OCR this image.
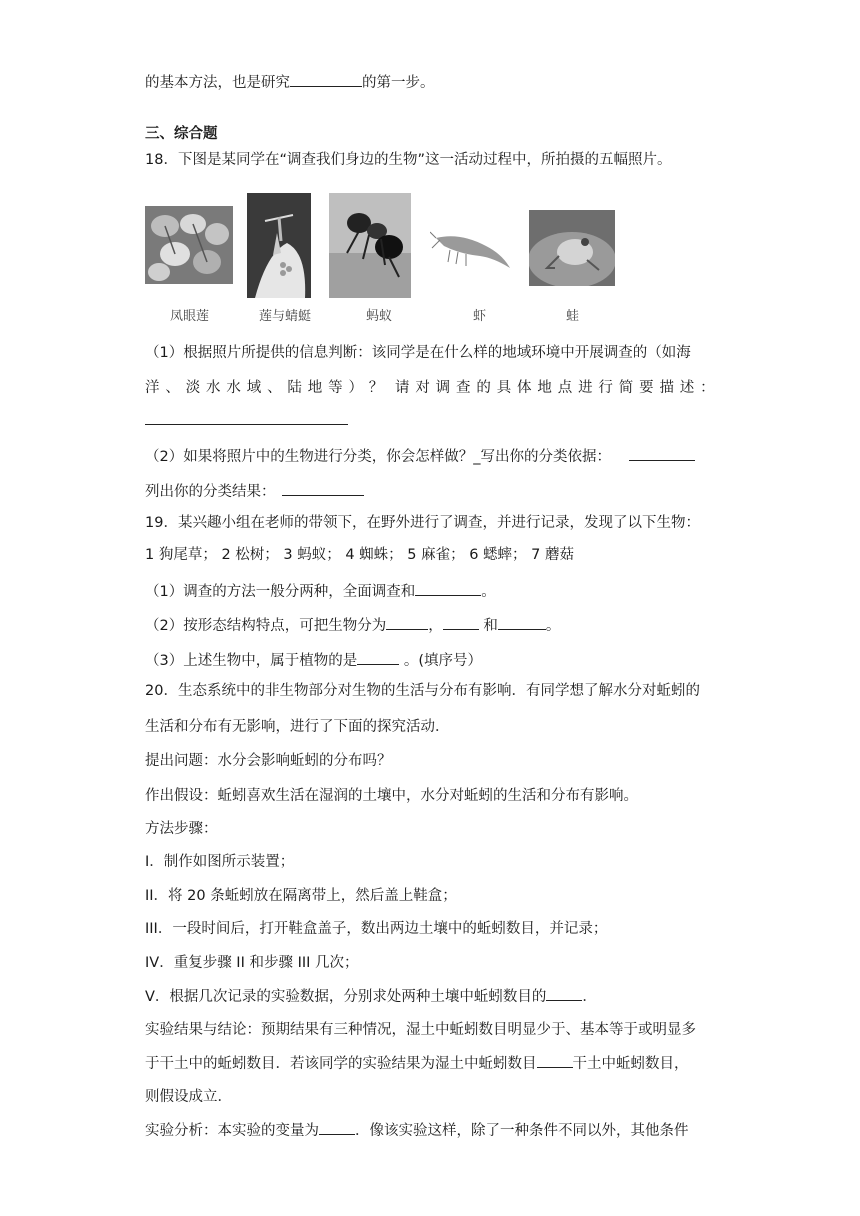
的基本方法，也是研究	的第一步。
三、综合题
18．下图是某同学在“调查我们身边的生物”这一活动过程中，所拍摄的五幅照片。
凤眼莲	莲与蜻蜓	蚂蚁	虾	蛙
（1）根据照片所提供的信息判断：该同学是在什么样的地域环境中开展调查的（如海
洋 、 淡 水 水 域 、 陆 地 等 ） ？ 请 对 调 查 的 具 体 地 点 进 行 简 要 描 述 ：
（2）如果将照片中的生物进行分类，你会怎样做？_写出你的分类依据：
列出你的分类结果：
19．某兴趣小组在老师的带领下，在野外进行了调查，并进行记录，发现了以下生物：
1 狗尾草； 2 松树； 3 蚂蚁； 4 蜘蛛； 5 麻雀； 6 蟋蟀； 7 蘑菇
（1）调查的方法一般分两种，全面调查和	。
（2）按形态结构特点，可把生物分为	， 和	。
（3）上述生物中，属于植物的是	。(填序号）
20．生态系统中的非生物部分对生物的生活与分布有影响．有同学想了解水分对蚯蚓的
生活和分布有无影响，进行了下面的探究活动．
提出问题：水分会影响蚯蚓的分布吗？
作出假设：蚯蚓喜欢生活在湿润的土壤中，水分对蚯蚓的生活和分布有影响。
方法步骤：
I．制作如图所示装置；
II．将 20 条蚯蚓放在隔离带上，然后盖上鞋盒；
III．一段时间后，打开鞋盒盖子，数出两边土壤中的蚯蚓数目，并记录；
IV．重复步骤 II 和步骤 III 几次；
V．根据几次记录的实验数据，分别求处两种土壤中蚯蚓数目的 ．
实验结果与结论：预期结果有三种情况，湿土中蚯蚓数目明显少于、基本等于或明显多
于干土中的蚯蚓数目．若该同学的实验结果为湿土中蚯蚓数目 干土中蚯蚓数目，
则假设成立．
实验分析：本实验的变量为 ．像该实验这样，除了一种条件不同以外，其他条件
